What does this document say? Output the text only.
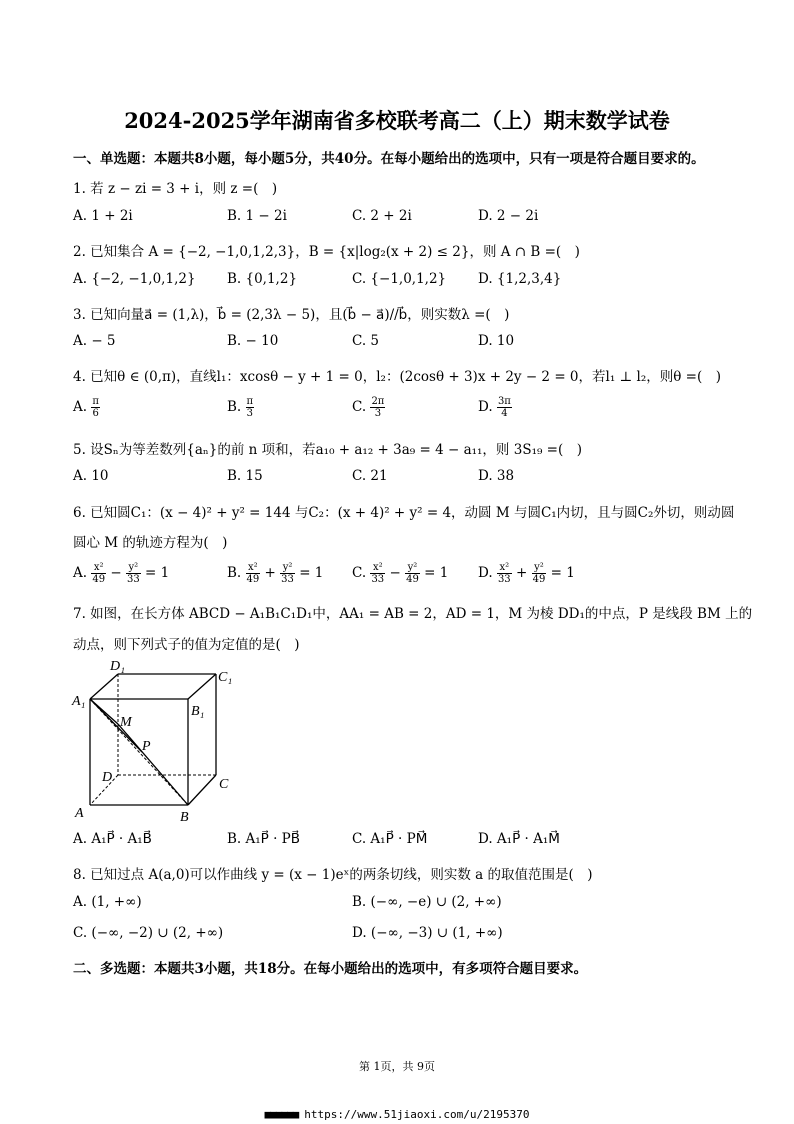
2024-2025学年湖南省多校联考高二（上）期末数学试卷
一、单选题：本题共8小题，每小题5分，共40分。在每小题给出的选项中，只有一项是符合题目要求的。
1. 若 z − zi = 3 + i，则 z =(　)
A. 1 + 2i	B. 1 − 2i	C. 2 + 2i	D. 2 − 2i
2. 已知集合 A = {−2, −1,0,1,2,3}，B = {x|log₂(x + 2) ≤ 2}，则 A ∩ B =(　)
A. {−2, −1,0,1,2} B. {0,1,2}	C. {−1,0,1,2} D. {1,2,3,4}
3. 已知向量a⃗ = (1,λ)，b⃗ = (2,3λ − 5)，且(b⃗ − a⃗)//b⃗，则实数λ =(　)
A. − 5	B. − 10	C. 5	D. 10
4. 已知θ ∈ (0,π)，直线l₁：xcosθ − y + 1 = 0，l₂：(2cosθ + 3)x + 2y − 2 = 0，若l₁ ⊥ l₂，则θ =(　)
A. $\frac{\pi}{6}$	B. $\frac{\pi}{3}$	C. $\frac{2\pi}{3}$	D. $\frac{3\pi}{4}$
5. 设Sₙ为等差数列{aₙ}的前 n 项和，若a₁₀ + a₁₂ + 3a₉ = 4 − a₁₁，则 3S₁₉ =(　)
A. 10	B. 15	C. 21	D. 38
6. 已知圆C₁：(x − 4)² + y² = 144 与C₂：(x + 4)² + y² = 4，动圆 M 与圆C₁内切，且与圆C₂外切，则动圆
圆心 M 的轨迹方程为(　)
A. $\frac{\text{x²}}{49} - \frac{\text{y²}}{33} = 1$	B. $\frac{\text{x²}}{49} + \frac{\text{y²}}{33} = 1$ C. $\frac{\text{x²}}{33} - \frac{\text{y²}}{49} = 1$ D. $\frac{\text{x²}}{33} + \frac{\text{y²}}{49} = 1$
7. 如图，在长方体 ABCD − A₁B₁C₁D₁中，AA₁ = AB = 2，AD = 1，M 为棱 DD₁的中点，P 是线段 BM 上的
动点，则下列式子的值为定值的是(　)
D₁
C₁
A₁
B₁
M
P
D	C
A	B
A. A₁P⃗ · A₁B⃗	B. A₁P⃗ · PB⃗	C. A₁P⃗ · PM⃗	D. A₁P⃗ · A₁M⃗
8. 已知过点 A(a,0)可以作曲线 y = (x − 1)eˣ的两条切线，则实数 a 的取值范围是(　)
A. (1, +∞)	B. (−∞, −e) ∪ (2, +∞)
C. (−∞, −2) ∪ (2, +∞)	D. (−∞, −3) ∪ (1, +∞)
二、多选题：本题共3小题，共18分。在每小题给出的选项中，有多项符合题目要求。
第 1页，共 9页
■■■■■■ https://www.51jiaoxi.com/u/2195370
